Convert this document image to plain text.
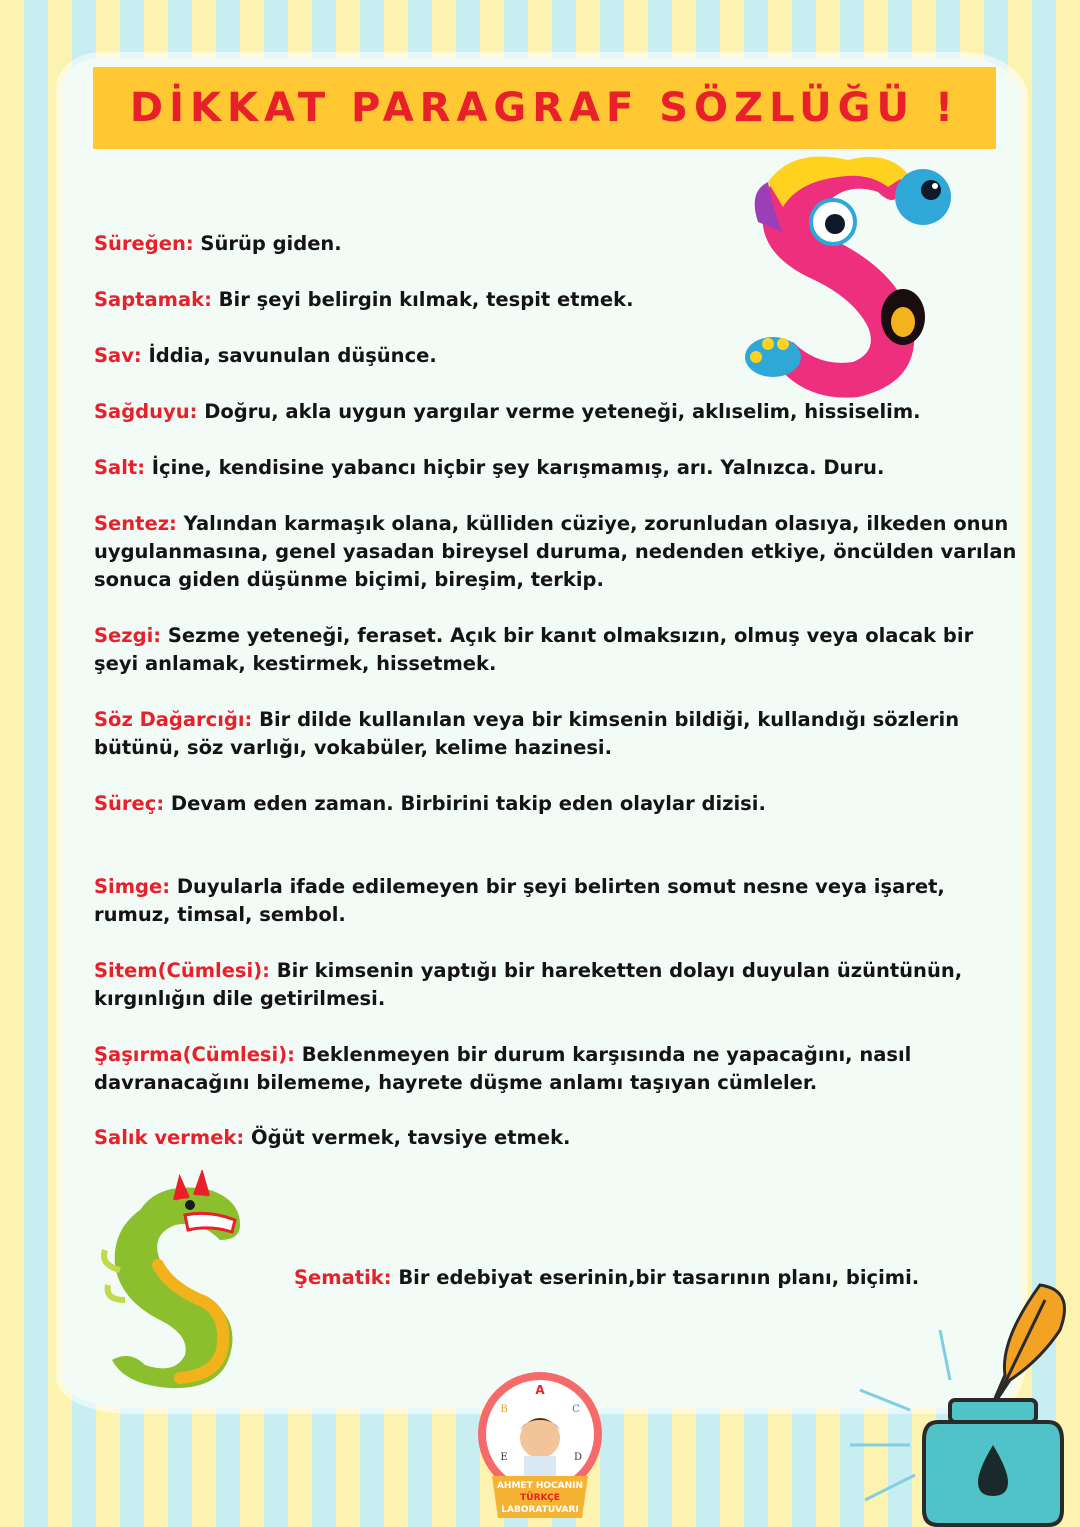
DİKKAT PARAGRAF SÖZLÜĞÜ !
Süreğen: Sürüp giden.
Saptamak: Bir şeyi belirgin kılmak, tespit etmek.
Sav: İddia, savunulan düşünce.
Sağduyu: Doğru, akla uygun yargılar verme yeteneği, aklıselim, hissiselim.
Salt: İçine, kendisine yabancı hiçbir şey karışmamış, arı. Yalnızca. Duru.
Sentez: Yalından karmaşık olana, külliden cüziye, zorunludan olasıya, ilkeden onun uygulanmasına, genel yasadan bireysel duruma, nedenden etkiye, öncülden varılan sonuca giden düşünme biçimi, bireşim, terkip.
Sezgi: Sezme yeteneği, feraset. Açık bir kanıt olmaksızın, olmuş veya olacak bir şeyi anlamak, kestirmek, hissetmek.
Söz Dağarcığı: Bir dilde kullanılan veya bir kimsenin bildiği, kullandığı sözlerin bütünü, söz varlığı, vokabüler, kelime hazinesi.
Süreç: Devam eden zaman. Birbirini takip eden olaylar dizisi.
Simge: Duyularla ifade edilemeyen bir şeyi belirten somut nesne veya işaret, rumuz, timsal, sembol.
Sitem(Cümlesi): Bir kimsenin yaptığı bir hareketten dolayı duyulan üzüntünün, kırgınlığın dile getirilmesi.
Şaşırma(Cümlesi): Beklenmeyen bir durum karşısında ne yapacağını, nasıl davranacağını bilememe, hayrete düşme anlamı taşıyan cümleler.
Salık vermek: Öğüt vermek, tavsiye etmek.
Şematik: Bir edebiyat eserinin,bir tasarının planı, biçimi.
A
B	C
D
E
AHMET HOCANIN
TÜRKÇE
LABORATUVARI
